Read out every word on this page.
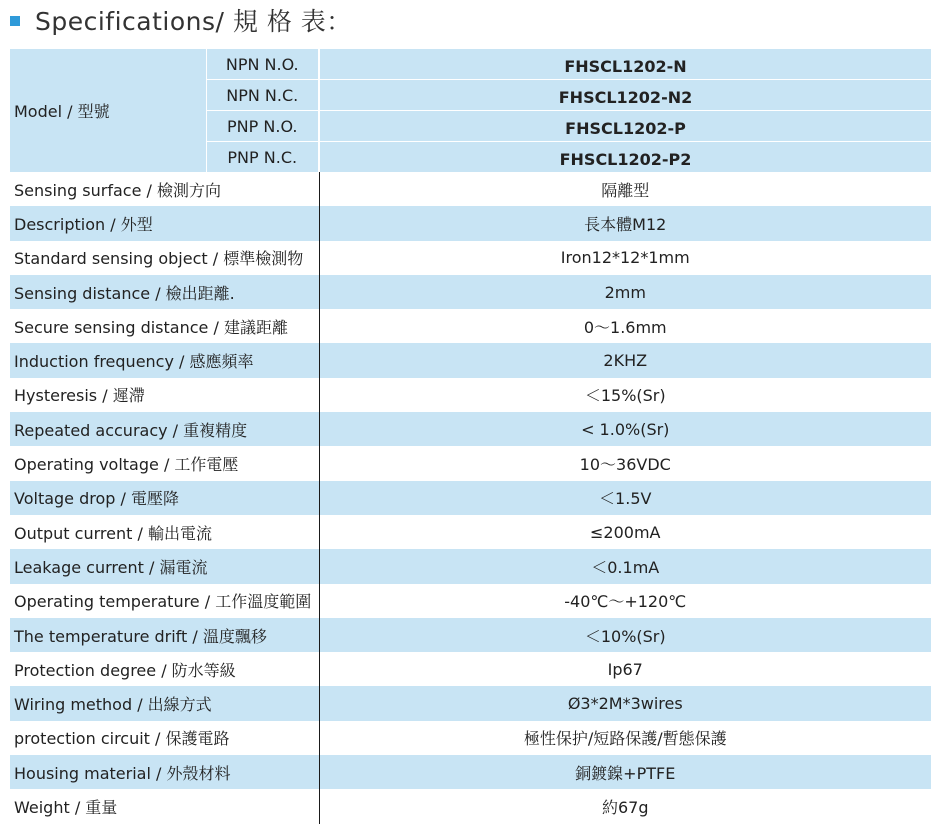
Specifications/ 規 格 表：
Model / 型號	NPN N.O.	FHSCL1202-N
	NPN N.C.	FHSCL1202-N2
	PNP N.O.	FHSCL1202-P
	PNP N.C.	FHSCL1202-P2
Sensing surface / 檢測方向		隔離型
Description / 外型		長本體M12
Standard sensing object / 標準檢測物		Iron12*12*1mm
Sensing distance / 檢出距離.		2mm
Secure sensing distance / 建議距離		0～1.6mm
Induction frequency / 感應頻率		2KHZ
Hysteresis / 遲滯		＜15%(Sr)
Repeated accuracy / 重複精度		< 1.0%(Sr)
Operating voltage / 工作電壓		10～36VDC
Voltage drop / 電壓降		＜1.5V
Output current / 輸出電流		≤200mA
Leakage current / 漏電流		＜0.1mA
Operating temperature / 工作溫度範圍		-40℃～+120℃
The temperature drift / 溫度飄移		＜10%(Sr)
Protection degree / 防水等級		Ip67
Wiring method / 出線方式		Ø3*2M*3wires
protection circuit / 保護電路		極性保护/短路保護/暫態保護
Housing material / 外殼材料		銅鍍鎳+PTFE
Weight / 重量		約67g
